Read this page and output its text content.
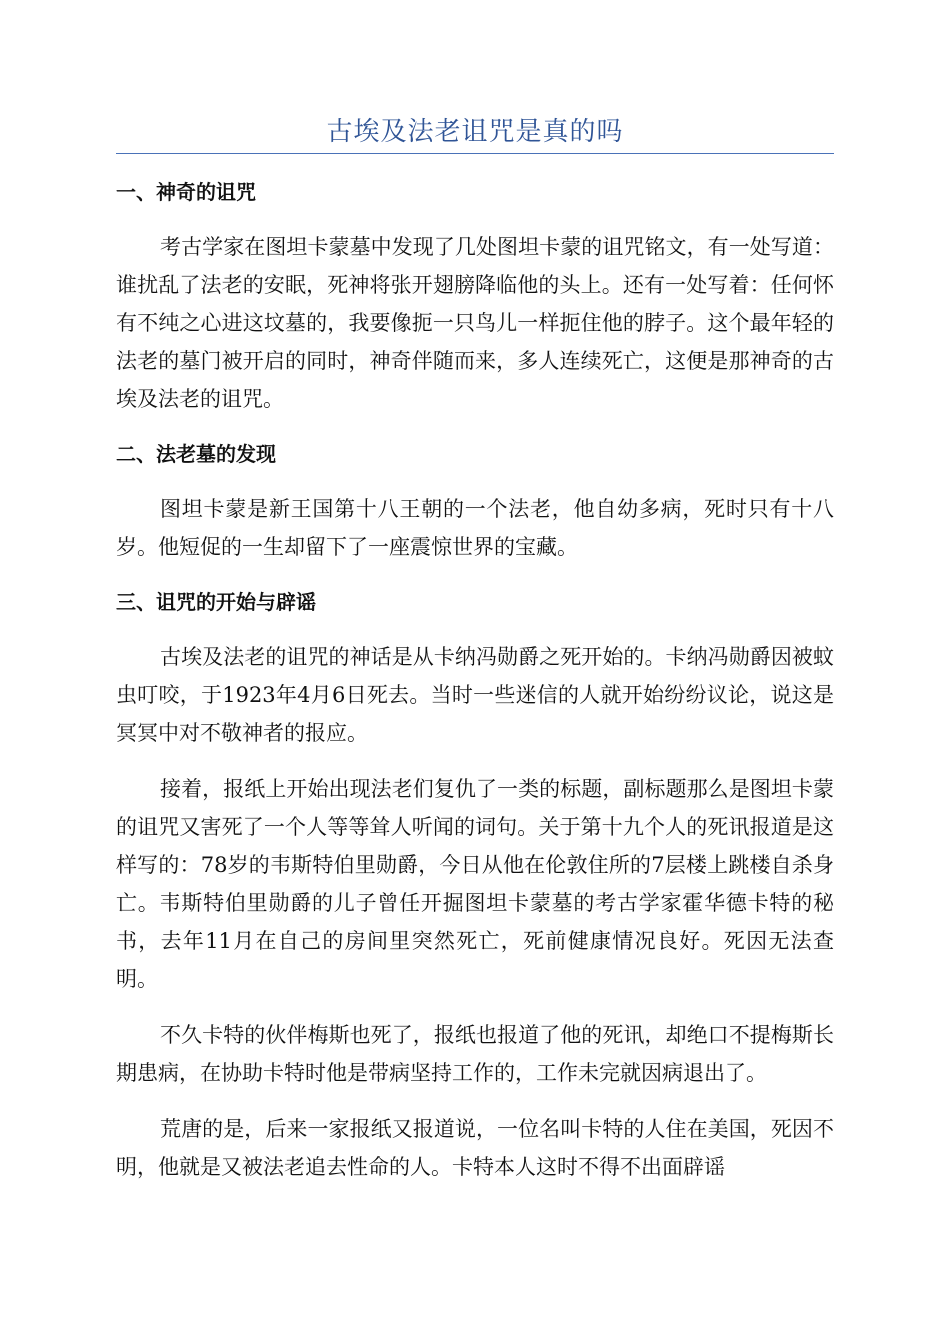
古埃及法老诅咒是真的吗
一、神奇的诅咒

考古学家在图坦卡蒙墓中发现了几处图坦卡蒙的诅咒铭文，有一处写道：谁扰乱了法老的安眠，死神将张开翅膀降临他的头上。还有一处写着：任何怀有不纯之心进这坟墓的，我要像扼一只鸟儿一样扼住他的脖子。这个最年轻的法老的墓门被开启的同时，神奇伴随而来，多人连续死亡，这便是那神奇的古埃及法老的诅咒。

二、法老墓的发现

图坦卡蒙是新王国第十八王朝的一个法老，他自幼多病，死时只有十八岁。他短促的一生却留下了一座震惊世界的宝藏。

三、诅咒的开始与辟谣

古埃及法老的诅咒的神话是从卡纳冯勋爵之死开始的。卡纳冯勋爵因被蚊虫叮咬，于1923年4月6日死去。当时一些迷信的人就开始纷纷议论，说这是冥冥中对不敬神者的报应。

接着，报纸上开始出现法老们复仇了一类的标题，副标题那么是图坦卡蒙的诅咒又害死了一个人等等耸人听闻的词句。关于第十九个人的死讯报道是这样写的：78岁的韦斯特伯里勋爵，今日从他在伦敦住所的7层楼上跳楼自杀身亡。韦斯特伯里勋爵的儿子曾任开掘图坦卡蒙墓的考古学家霍华德卡特的秘书，去年11月在自己的房间里突然死亡，死前健康情况良好。死因无法查明。

不久卡特的伙伴梅斯也死了，报纸也报道了他的死讯，却绝口不提梅斯长期患病，在协助卡特时他是带病坚持工作的，工作未完就因病退出了。

荒唐的是，后来一家报纸又报道说，一位名叫卡特的人住在美国，死因不明，他就是又被法老追去性命的人。卡特本人这时不得不出面辟谣
